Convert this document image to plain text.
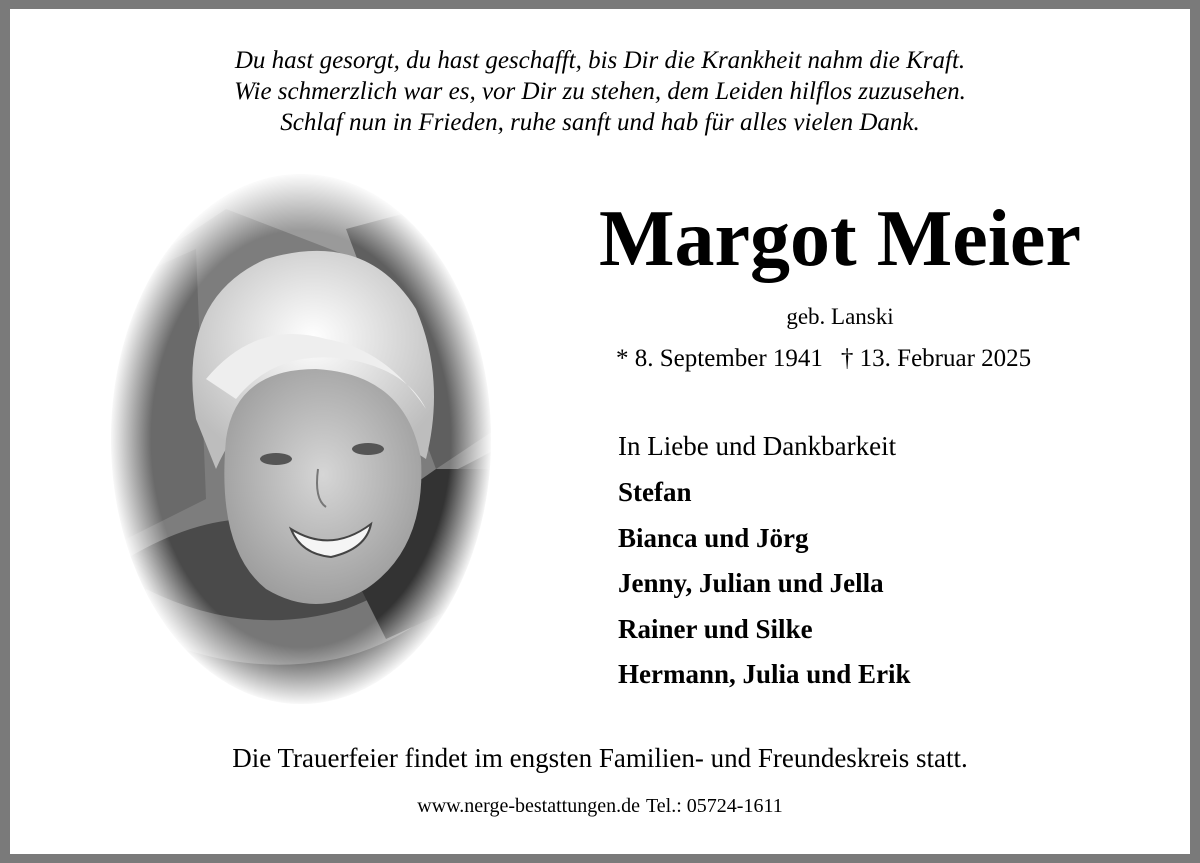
Du hast gesorgt, du hast geschafft, bis Dir die Krankheit nahm die Kraft.
Wie schmerzlich war es, vor Dir zu stehen, dem Leiden hilflos zuzusehen.
Schlaf nun in Frieden, ruhe sanft und hab für alles vielen Dank.
Margot Meier
geb. Lanski
* 8. September 1941 † 13. Februar 2025
In Liebe und Dankbarkeit
Stefan
Bianca und Jörg
Jenny, Julian und Jella
Rainer und Silke
Hermann, Julia und Erik
Die Trauerfeier findet im engsten Familien- und Freundeskreis statt.
www.nerge-bestattungen.de Tel.: 05724-1611
